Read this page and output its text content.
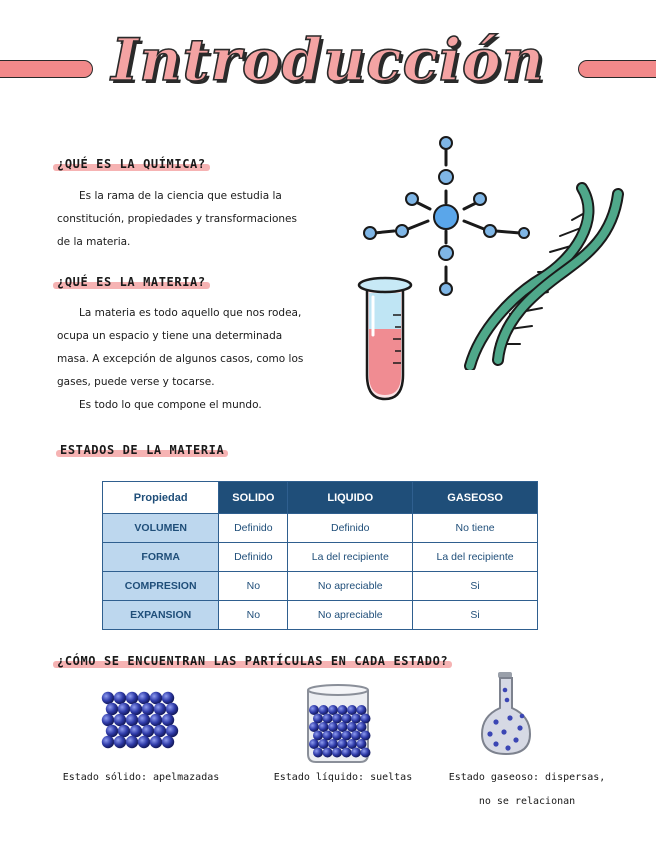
Introducción
¿QUÉ ES LA QUÍMICA?

Es la rama de la ciencia que estudia la

constitución, propiedades y transformaciones

de la materia.

¿QUÉ ES LA MATERIA?

La materia es todo aquello que nos rodea,

ocupa un espacio y tiene una determinada

masa. A excepción de algunos casos, como los

gases, puede verse y tocarse.

Es todo lo que compone el mundo.

ESTADOS DE LA MATERIA
Propiedad	SOLIDO	LIQUIDO	GASEOSO
VOLUMEN	Definido	Definido	No tiene
FORMA	Definido	La del recipiente	La del recipiente
COMPRESION	No	No apreciable	Si
EXPANSION	No	No apreciable	Si
¿CÓMO SE ENCUENTRAN LAS PARTÍCULAS EN CADA ESTADO?
Estado sólido: apelmazadas	Estado líquido: sueltas	Estado gaseoso: dispersas,
no se relacionan
